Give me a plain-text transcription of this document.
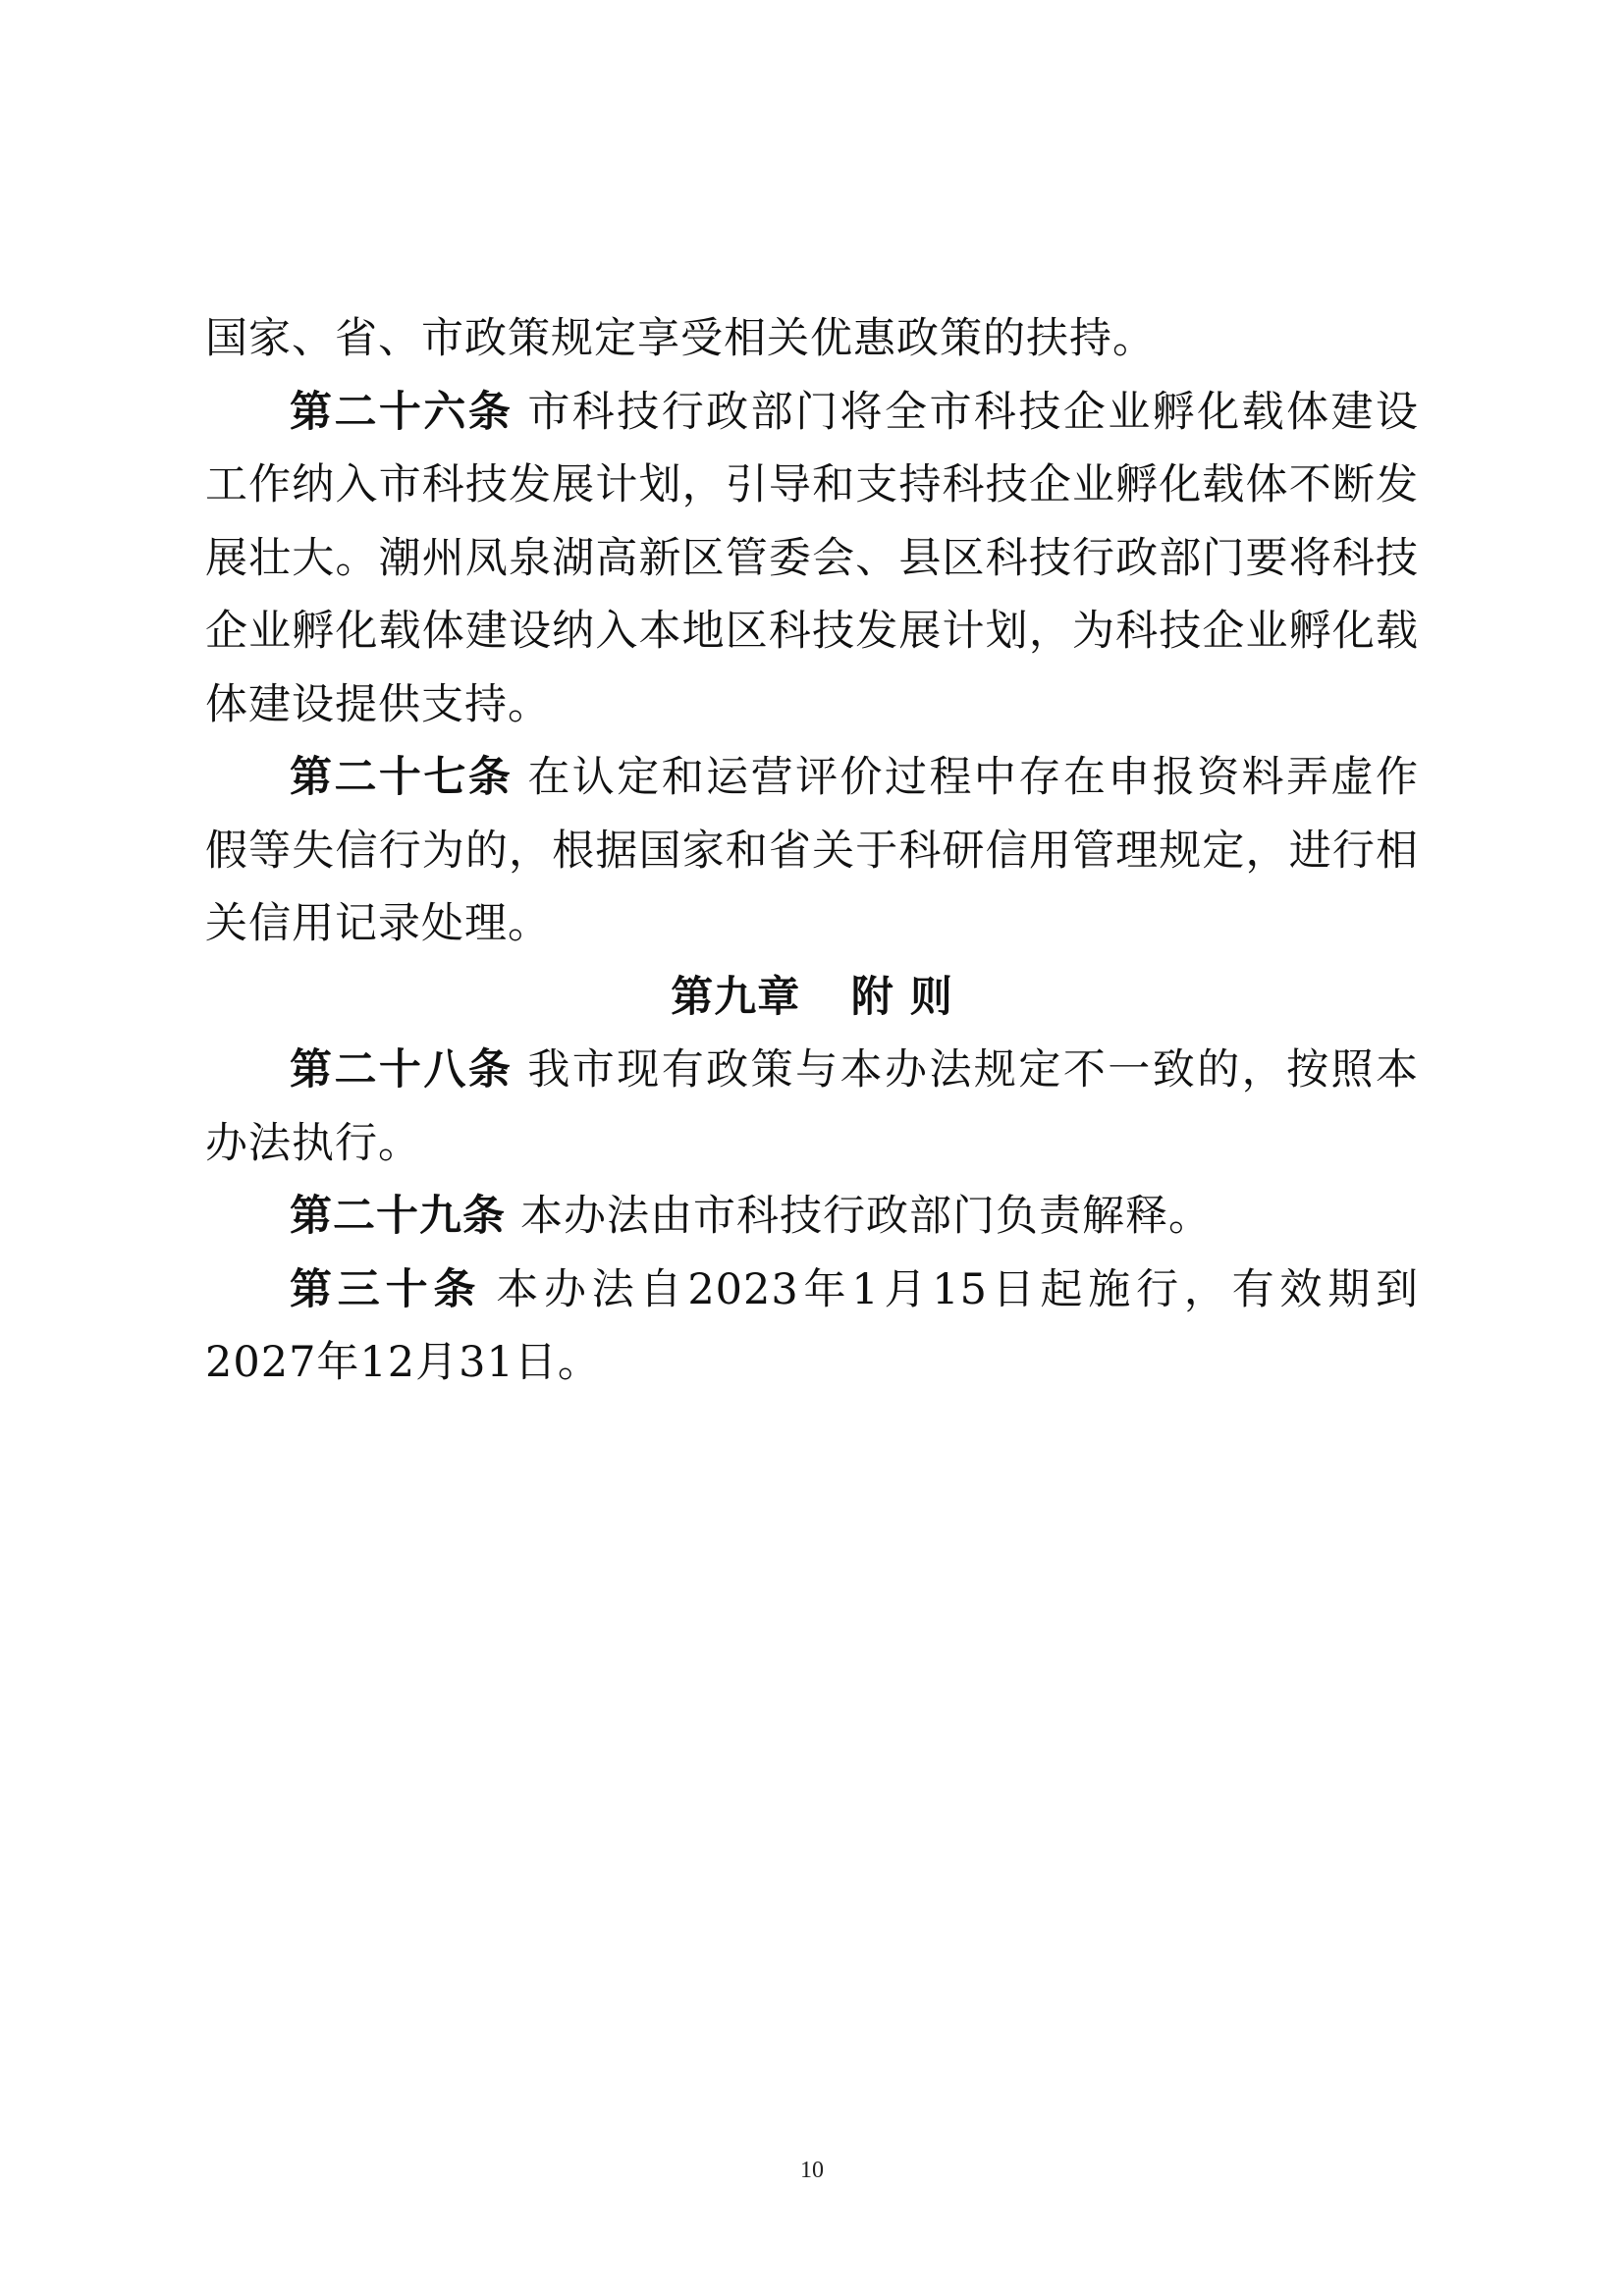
国家、省、市政策规定享受相关优惠政策的扶持。

第二十六条 市科技行政部门将全市科技企业孵化载体建设工作纳入市科技发展计划，引导和支持科技企业孵化载体不断发展壮大。潮州凤泉湖高新区管委会、县区科技行政部门要将科技企业孵化载体建设纳入本地区科技发展计划，为科技企业孵化载体建设提供支持。

第二十七条 在认定和运营评价过程中存在申报资料弄虚作假等失信行为的，根据国家和省关于科研信用管理规定，进行相关信用记录处理。

第九章 附 则

第二十八条 我市现有政策与本办法规定不一致的，按照本办法执行。

第二十九条 本办法由市科技行政部门负责解释。

第三十条 本办法自2023年1月15日起施行，有效期到2027年12月31日。

10
